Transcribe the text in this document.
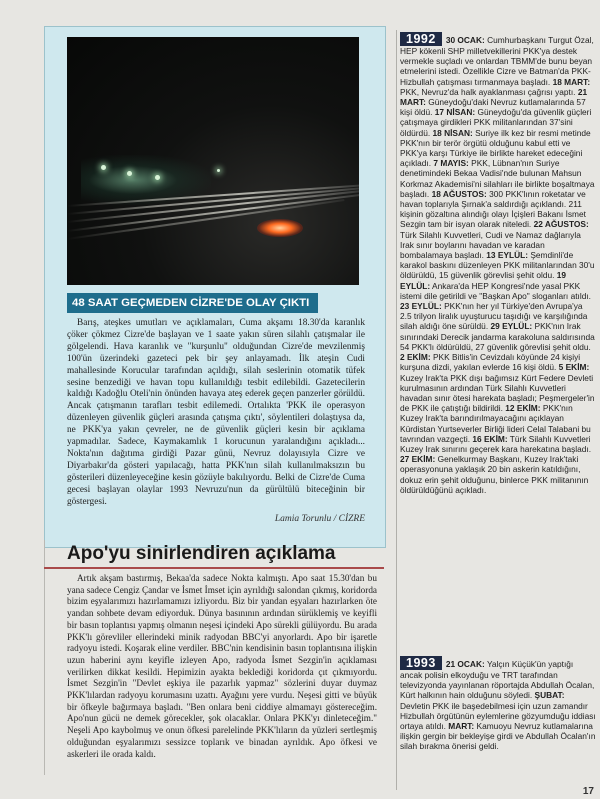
48 SAAT GEÇMEDEN CİZRE'DE OLAY ÇIKTI
Barış, ateşkes umutları ve açıklamaları, Cuma akşamı 18.30'da karanlık çöker çökmez Cizre'de başlayan ve 1 saate yakın süren silahlı çatışmalar ile gölgelendi. Hava karanlık ve "kurşunlu" olduğundan Cizre'de mevzilenmiş 100'ün üzerindeki gazeteci pek bir şey anlayamadı. İlk ateşin Cudi mahallesinde Korucular tarafından açıldığı, silah seslerinin otomatik tüfek sesine benzediği ve havan topu kullanıldığı tesbit edilebildi. Gazetecilerin kaldığı Kadoğlu Oteli'nin önünden havaya ateş ederek geçen panzerler görüldü. Ancak çatışmanın tarafları tesbit edilemedi. Ortalıkta 'PKK ile operasyon düzenleyen güvenlik güçleri arasında çatışma çıktı', söylentileri dolaştıysa da, ne PKK'ya yakın çevreler, ne de güvenlik güçleri kesin bir açıklama yapmadılar. Sadece, Kaymakamlık 1 korucunun yaralandığını açıkladı... Nokta'nın dağıtıma girdiği Pazar günü, Nevruz dolayısıyla Cizre ve Diyarbakır'da gösteri yapılacağı, hatta PKK'nın silah kullanılmaksızın bu gösterileri düzenleyeceğine kesin gözüyle bakılıyordu. Belki de Cizre'de Cuma gecesi başlayan olaylar 1993 Nevruzu'nun da gürültülü biteceğinin bir göstergesi.
Lamia Torunlu / CİZRE
Apo'yu sinirlendiren açıklama
Artık akşam bastırmış, Bekaa'da sadece Nokta kalmıştı. Apo saat 15.30'dan bu yana sadece Cengiz Çandar ve İsmet İmset için ayrıldığı salondan çıkmış, koridorda bizim eşyalarımızı hazırlamamızı izliyordu. Biz bir yandan eşyaları hazırlarken öte yandan sohbete devam ediyorduk. Dünya basınının ardından sürüklemiş ve keyifli bir basın toplantısı yapmış olmanın neşesi içindeki Apo sürekli gülüyordu. Bu arada PKK'lı görevliler ellerindeki minik radyodan BBC'yi anyorlardı. Apo bir işaretle radyoyu istedi. Koşarak eline verdiler. BBC'nin kendisinin basın toplantısına ilişkin uzun haberini aynı keyifle izleyen Apo, radyoda İsmet Sezgin'in açıklaması verilirken dikkat kesildi. Hepimizin ayakta beklediği koridorda çıt çıkmıyordu. İsmet Sezgin'in "Devlet eşkiya ile pazarlık yapmaz" sözlerini duyar duymaz PKK'lılardan radyoyu korumasını uzattı. Ayağını yere vurdu. Neşesi gitti ve büyük bir öfkeyle bağırmaya başladı. "Ben onlara beni ciddiye almamayı göstereceğim. Apo'nun gücü ne demek görecekler, şok olacaklar. Onlara PKK'yı dinleteceğim." Neşeli Apo kaybolmuş ve onun öfkesi parelelinde PKK'lıların da yüzleri sertleşmiş olduğundan eşyalarımızı sessizce toplarık ve binadan ayrıldık. Apo öfkesi ve askerleri ile orada kaldı.
1992 30 OCAK: Cumhurbaşkanı Turgut Özal, HEP kökenli SHP milletvekillerini PKK'ya destek vermekle suçladı ve onlardan TBMM'de bunu beyan etmelerini istedi. Özellikle Cizre ve Batman'da PKK-Hizbullah çatışması tırmanmaya başladı. 18 MART: PKK, Nevruz'da halk ayaklanması çağrısı yaptı. 21 MART: Güneydoğu'daki Nevruz kutlamalarında 57 kişi öldü. 17 NİSAN: Güneydoğu'da güvenlik güçleri çatışmaya girdikleri PKK militanlarından 37'sini öldürdü. 18 NİSAN: Suriye ilk kez bir resmi metinde PKK'nın bir terör örgütü olduğunu kabul etti ve PKK'ya karşı Türkiye ile birlikte hareket edeceğini açıkladı. 7 MAYIS: PKK, Lübnan'nın Suriye denetimindeki Bekaa Vadisi'nde bulunan Mahsun Korkmaz Akademisi'ni silahları ile birlikte boşaltmaya başladı. 18 AĞUSTOS: 300 PKK'lının roketatar ve havan toplarıyla Şırnak'a saldırdığı açıklandı. 211 kişinin gözaltına alındığı olayı İçişleri Bakanı İsmet Sezgin tam bir isyan olarak niteledi. 22 AĞUSTOS: Türk Silahlı Kuvvetleri, Cudi ve Namaz dağlarıyla Irak sınır boylarını havadan ve karadan bombalamaya başladı. 13 EYLÜL: Şemdinli'de karakol baskını düzenleyen PKK militanlarından 30'u öldürüldü, 15 güvenlik görevlisi şehit oldu. 19 EYLÜL: Ankara'da HEP Kongresi'nde yasal PKK istemi dile getirildi ve "Başkan Apo" sloganları atıldı. 23 EYLÜL: PKK'nın her yıl Türkiye'den Avrupa'ya 2.5 trilyon liralık uyuşturucu taşıdığı ve karşılığında silah aldığı öne sürüldü. 29 EYLÜL: PKK'nın Irak sınırındaki Derecik jandarma karakoluna saldırısında 54 PKK'lı öldürüldü, 27 güvenlik görevlisi şehit oldu. 2 EKİM: PKK Bitlis'in Cevizdalı köyünde 24 kişiyi kurşuna dizdi, yakılan evlerde 16 kişi öldü. 5 EKİM: Kuzey Irak'ta PKK dışı bağımsız Kürt Federe Devleti kurulmasının ardından Türk Silahlı Kuvvetleri havadan sınır ötesi harekata başladı; Peşmergeler'in de PKK ile çatıştığı bildirildi. 12 EKİM: PKK'nın Kuzey Irak'ta barındırılmayacağını açıklayan Kürdistan Yurtseverler Birliği lideri Celal Talabani bu tavrından vazgeçti. 16 EKİM: Türk Silahlı Kuvvetleri Kuzey Irak sınırını geçerek kara harekatına başladı. 27 EKİM: Genelkurmay Başkanı, Kuzey Irak'taki operasyonuna yaklaşık 20 bin askerin katıldığını, dokuz erin şehit olduğunu, binlerce PKK militanının öldürüldüğünü açıkladı.
1993 21 OCAK: Yalçın Küçük'ün yaptığı ancak polisin elkoyduğu ve TRT tarafından televizyonda yayınlanan röportajda Abdullah Öcalan, Kürt halkının hain olduğunu söyledi. ŞUBAT: Devletin PKK ile başedebilmesi için uzun zamandır Hizbullah örgütünün eylemlerine gözyumduğu iddiası ortaya atıldı. MART: Kamuoyu Nevruz kutlamalarına ilişkin gergin bir bekleyişe girdi ve Abdullah Öcalan'ın silah bırakma önerisi geldi.
17
